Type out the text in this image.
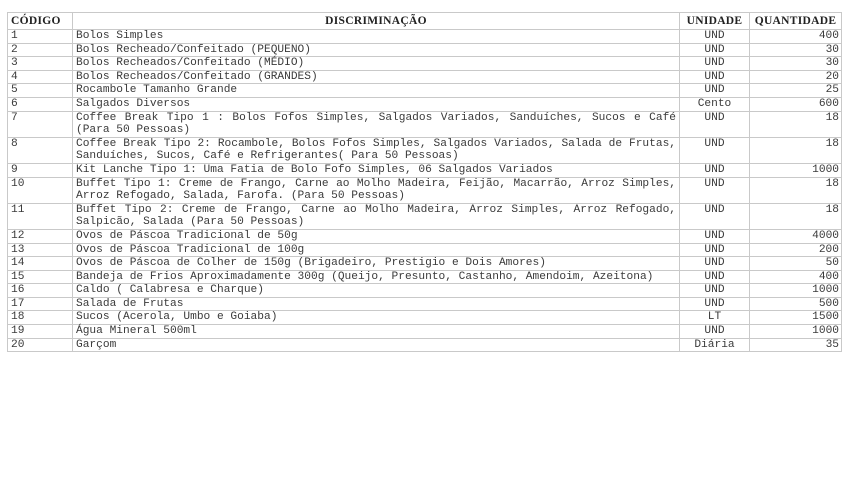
CÓDIGO	DISCRIMINAÇÃO	UNIDADE	QUANTIDADE
1	Bolos Simples	UND	400
2	Bolos Recheado/Confeitado (PEQUENO)	UND	30
3	Bolos Recheados/Confeitado (MÉDIO)	UND	30
4	Bolos Recheados/Confeitado (GRANDES)	UND	20
5	Rocambole Tamanho Grande	UND	25
6	Salgados Diversos	Cento	600
7	Coffee Break Tipo 1 : Bolos Fofos Simples, Salgados Variados, Sanduíches, Sucos e Café (Para 50 Pessoas)	UND	18
8	Coffee Break Tipo 2: Rocambole, Bolos Fofos Simples, Salgados Variados, Salada de Frutas, Sanduíches, Sucos, Café e Refrigerantes( Para 50 Pessoas)	UND	18
9	Kit Lanche Tipo 1: Uma Fatia de Bolo Fofo Simples, 06 Salgados Variados	UND	1000
10	Buffet Tipo 1: Creme de Frango, Carne ao Molho Madeira, Feijão, Macarrão, Arroz Simples, Arroz Refogado, Salada, Farofa. (Para 50 Pessoas)	UND	18
11	Buffet Tipo 2: Creme de Frango, Carne ao Molho Madeira, Arroz Simples, Arroz Refogado, Salpicão, Salada (Para 50 Pessoas)	UND	18
12	Ovos de Páscoa Tradicional de 50g	UND	4000
13	Ovos de Páscoa Tradicional de 100g	UND	200
14	Ovos de Páscoa de Colher de 150g (Brigadeiro, Prestigio e Dois Amores)	UND	50
15	Bandeja de Frios Aproximadamente 300g (Queijo, Presunto, Castanho, Amendoim, Azeitona)	UND	400
16	Caldo ( Calabresa e Charque)	UND	1000
17	Salada de Frutas	UND	500
18	Sucos (Acerola, Umbo e Goiaba)	LT	1500
19	Água Mineral 500ml	UND	1000
20	Garçom	Diária	35
